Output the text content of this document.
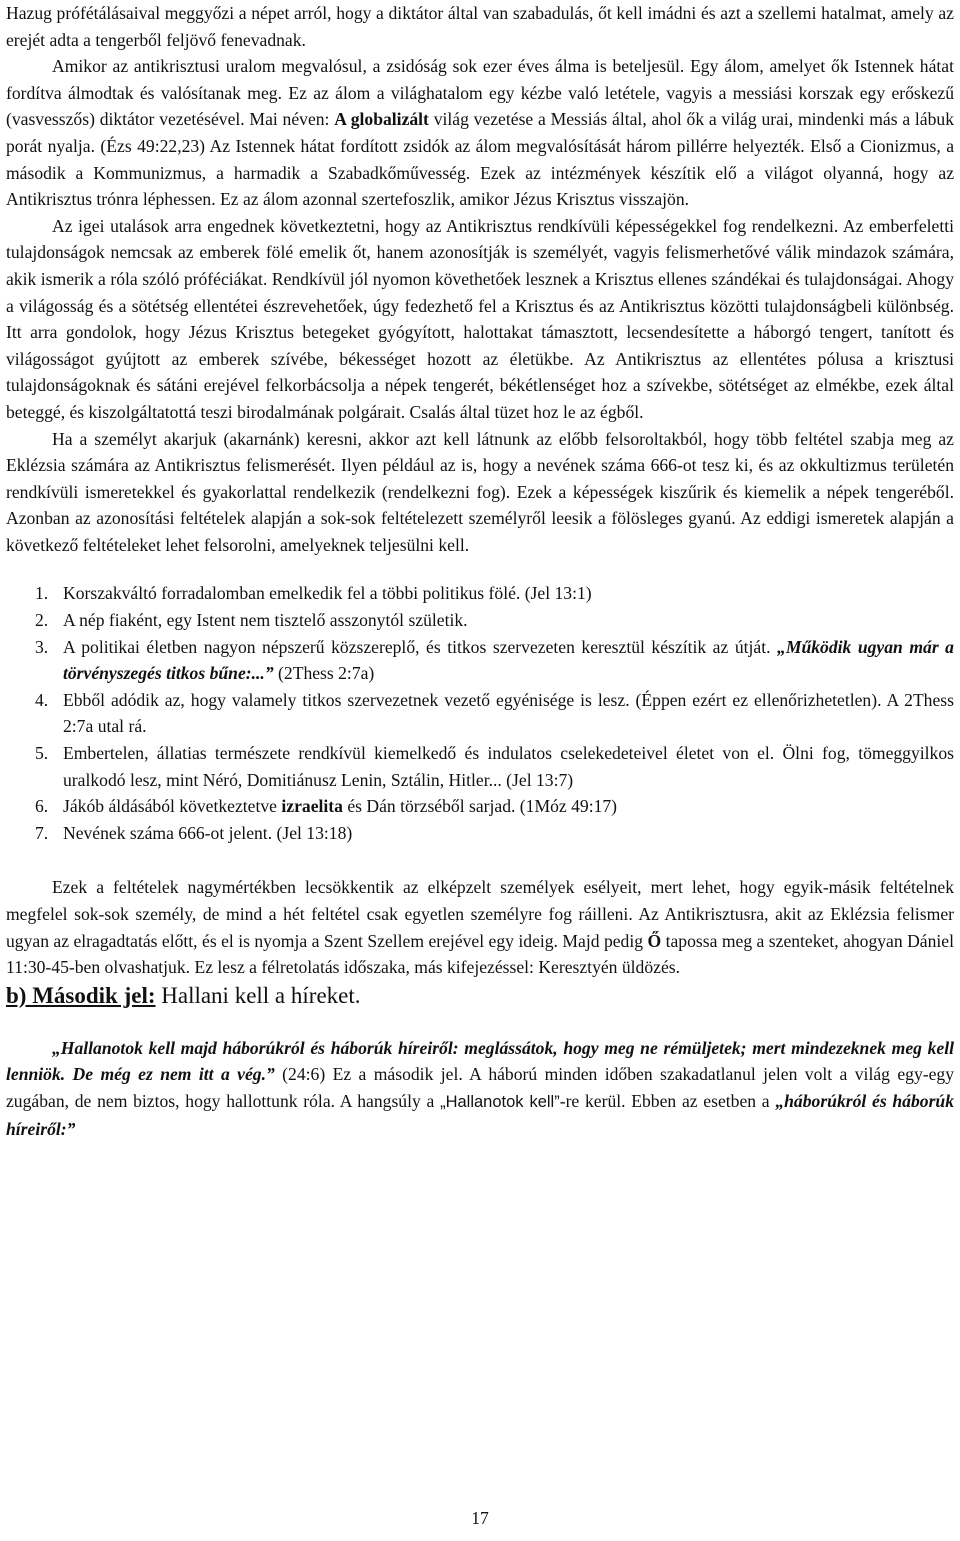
Hazug prófétálásaival meggyőzi a népet arról, hogy a diktátor által van szabadulás, őt kell imádni és azt a szellemi hatalmat, amely az erejét adta a tengerből feljövő fenevadnak.

Amikor az antikrisztusi uralom megvalósul, a zsidóság sok ezer éves álma is beteljesül. Egy álom, amelyet ők Istennek hátat fordítva álmodtak és valósítanak meg. Ez az álom a világhatalom egy kézbe való letétele, vagyis a messiási korszak egy erőskezű (vasvesszős) diktátor vezetésével. Mai néven: A globalizált világ vezetése a Messiás által, ahol ők a világ urai, mindenki más a lábuk porát nyalja. (Ézs 49:22,23) Az Istennek hátat fordított zsidók az álom megvalósítását három pillérre helyezték. Első a Cionizmus, a második a Kommunizmus, a harmadik a Szabadkőművesség. Ezek az intézmények készítik elő a világot olyanná, hogy az Antikrisztus trónra léphessen. Ez az álom azonnal szertefoszlik, amikor Jézus Krisztus visszajön.

Az igei utalások arra engednek következtetni, hogy az Antikrisztus rendkívüli képességekkel fog rendelkezni. Az emberfeletti tulajdonságok nemcsak az emberek fölé emelik őt, hanem azonosítják is személyét, vagyis felismerhetővé válik mindazok számára, akik ismerik a róla szóló próféciákat. Rendkívül jól nyomon követhetőek lesznek a Krisztus ellenes szándékai és tulajdonságai. Ahogy a világosság és a sötétség ellentétei észrevehetőek, úgy fedezhető fel a Krisztus és az Antikrisztus közötti tulajdonságbeli különbség. Itt arra gondolok, hogy Jézus Krisztus betegeket gyógyított, halottakat támasztott, lecsendesítette a háborgó tengert, tanított és világosságot gyújtott az emberek szívébe, békességet hozott az életükbe. Az Antikrisztus az ellentétes pólusa a krisztusi tulajdonságoknak és sátáni erejével felkorbácsolja a népek tengerét, békétlenséget hoz a szívekbe, sötétséget az elmékbe, ezek által beteggé, és kiszolgáltatottá teszi birodalmának polgárait. Csalás által tüzet hoz le az égből.

Ha a személyt akarjuk (akarnánk) keresni, akkor azt kell látnunk az előbb felsoroltakból, hogy több feltétel szabja meg az Eklézsia számára az Antikrisztus felismerését. Ilyen például az is, hogy a nevének száma 666-ot tesz ki, és az okkultizmus területén rendkívüli ismeretekkel és gyakorlattal rendelkezik (rendelkezni fog). Ezek a képességek kiszűrik és kiemelik a népek tengeréből. Azonban az azonosítási feltételek alapján a sok-sok feltételezett személyről leesik a fölösleges gyanú. Az eddigi ismeretek alapján a következő feltételeket lehet felsorolni, amelyeknek teljesülni kell.

1. Korszakváltó forradalomban emelkedik fel a többi politikus fölé. (Jel 13:1)
2. A nép fiaként, egy Istent nem tisztelő asszonytól születik.
3. A politikai életben nagyon népszerű közszereplő, és titkos szervezeten keresztül készítik az útját. „Működik ugyan már a törvényszegés titkos bűne:...” (2Thess 2:7a)
4. Ebből adódik az, hogy valamely titkos szervezetnek vezető egyénisége is lesz. (Éppen ezért ez ellenőrizhetetlen). A 2Thess 2:7a utal rá.
5. Embertelen, állatias természete rendkívül kiemelkedő és indulatos cselekedeteivel életet von el. Ölni fog, tömeggyilkos uralkodó lesz, mint Néró, Domitiánusz Lenin, Sztálin, Hitler... (Jel 13:7)
6. Jákób áldásából következtetve izraelita és Dán törzséből sarjad. (1Móz 49:17)
7. Nevének száma 666-ot jelent. (Jel 13:18)

Ezek a feltételek nagymértékben lecsökkentik az elképzelt személyek esélyeit, mert lehet, hogy egyik-másik feltételnek megfelel sok-sok személy, de mind a hét feltétel csak egyetlen személyre fog ráilleni. Az Antikrisztusra, akit az Eklézsia felismer ugyan az elragadtatás előtt, és el is nyomja a Szent Szellem erejével egy ideig. Majd pedig Ő tapossa meg a szenteket, ahogyan Dániel 11:30-45-ben olvashatjuk. Ez lesz a félretolatás időszaka, más kifejezéssel: Keresztyén üldözés.

b) Második jel: Hallani kell a híreket.

„Hallanotok kell majd háborúkról és háborúk híreiről: meglássátok, hogy meg ne rémüljetek; mert mindezeknek meg kell lenniök. De még ez nem itt a vég.” (24:6) Ez a második jel. A háború minden időben szakadatlanul jelen volt a világ egy-egy zugában, de nem biztos, hogy hallottunk róla. A hangsúly a „Hallanotok kell”-re kerül. Ebben az esetben a „háborúkról és háborúk híreiről:”

17
